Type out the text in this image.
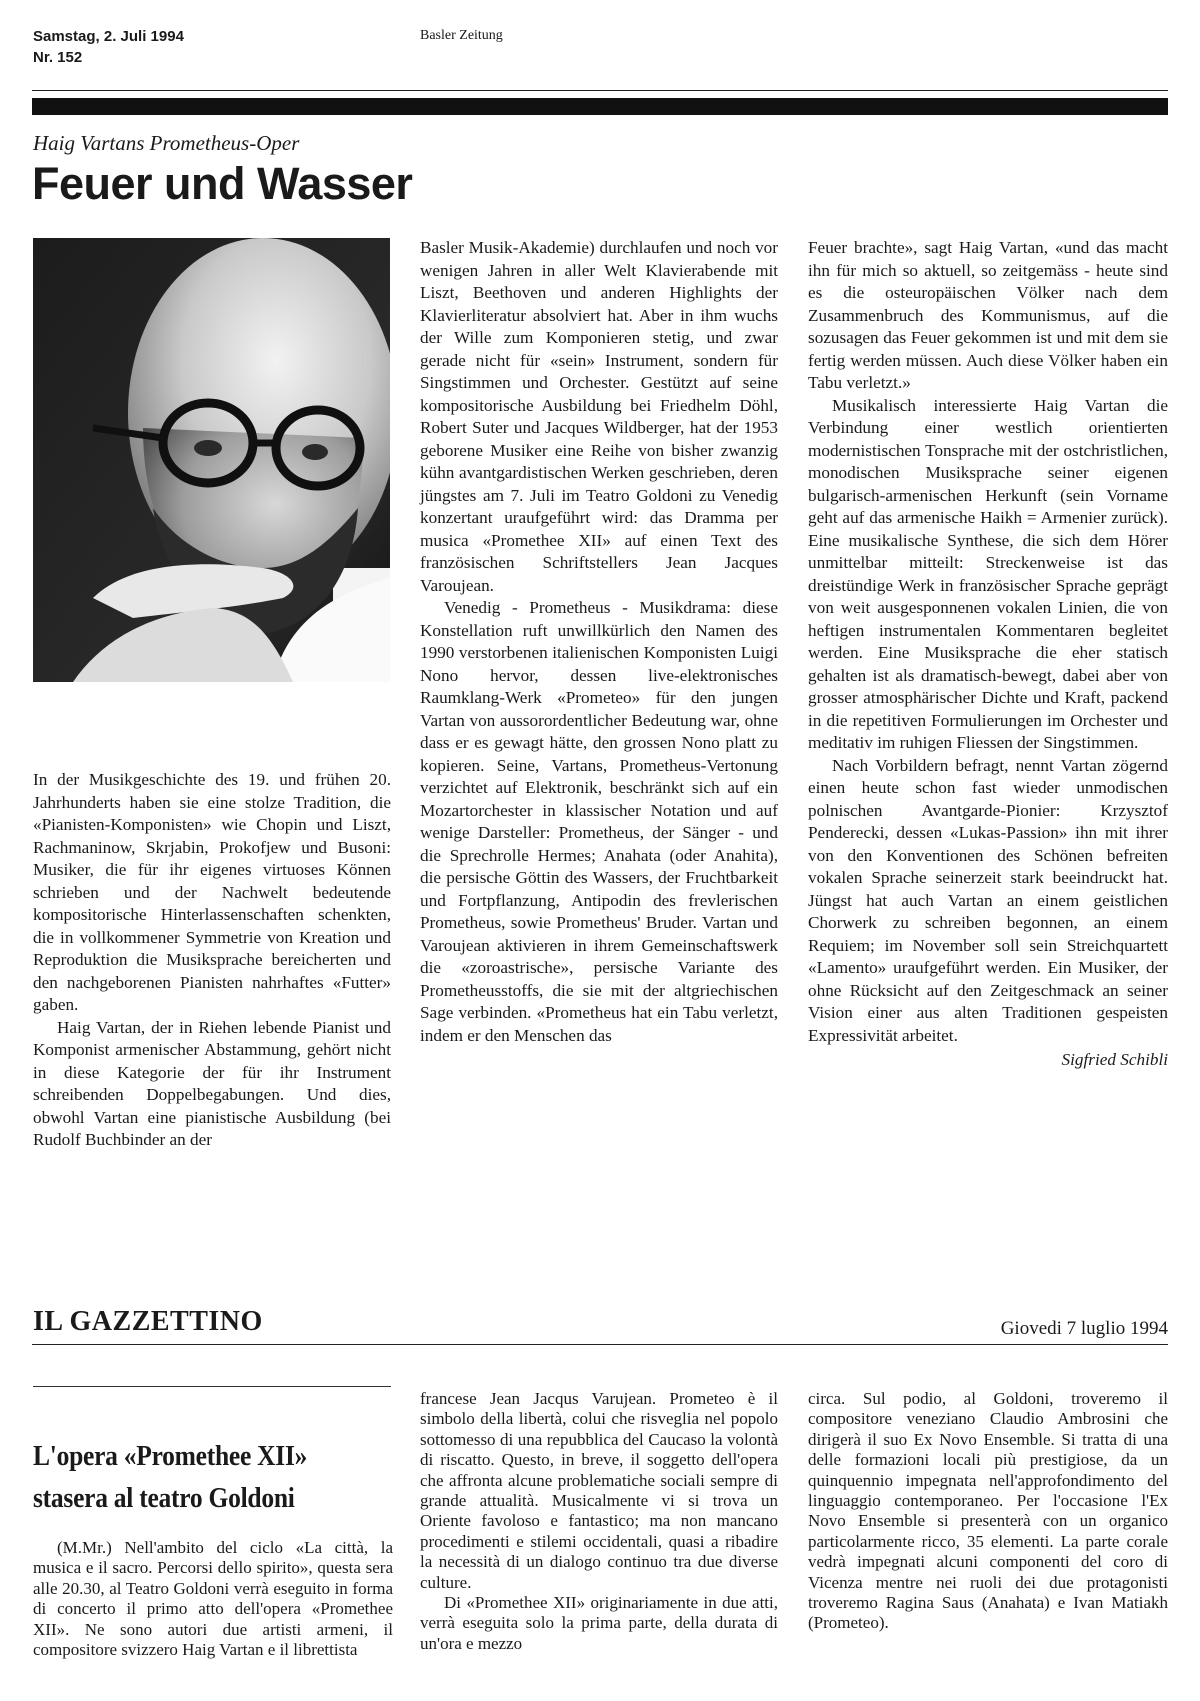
Samstag, 2. Juli 1994
Nr. 152
Basler Zeitung
Haig Vartans Prometheus-Oper
Feuer und Wasser

In der Musikgeschichte des 19. und frühen 20. Jahrhunderts haben sie eine stolze Tradition, die «Pianisten-Komponisten» wie Chopin und Liszt, Rachmaninow, Skrjabin, Prokofjew und Busoni: Musiker, die für ihr eigenes virtuoses Können schrieben und der Nachwelt bedeutende kompositorische Hinterlassenschaften schenkten, die in vollkommener Symmetrie von Kreation und Reproduktion die Musiksprache bereicherten und den nachgeborenen Pianisten nahrhaftes «Futter» gaben.

Haig Vartan, der in Riehen lebende Pianist und Komponist armenischer Abstammung, gehört nicht in diese Kategorie der für ihr Instrument schreibenden Doppelbegabungen. Und dies, obwohl Vartan eine pianistische Ausbildung (bei Rudolf Buchbinder an der

Basler Musik-Akademie) durchlaufen und noch vor wenigen Jahren in aller Welt Klavierabende mit Liszt, Beethoven und anderen Highlights der Klavierliteratur absolviert hat. Aber in ihm wuchs der Wille zum Komponieren stetig, und zwar gerade nicht für «sein» Instrument, sondern für Singstimmen und Orchester. Gestützt auf seine kompositorische Ausbildung bei Friedhelm Döhl, Robert Suter und Jacques Wildberger, hat der 1953 geborene Musiker eine Reihe von bisher zwanzig kühn avantgardistischen Werken geschrieben, deren jüngstes am 7. Juli im Teatro Goldoni zu Venedig konzertant uraufgeführt wird: das Dramma per musica «Promethee XII» auf einen Text des französischen Schriftstellers Jean Jacques Varoujean.

Venedig - Prometheus - Musikdrama: diese Konstellation ruft unwillkürlich den Namen des 1990 verstorbenen italienischen Komponisten Luigi Nono hervor, dessen live-elektronisches Raumklang-Werk «Prometeo» für den jungen Vartan von aussorordentlicher Bedeutung war, ohne dass er es gewagt hätte, den grossen Nono platt zu kopieren. Seine, Vartans, Prometheus-Vertonung verzichtet auf Elektronik, beschränkt sich auf ein Mozartorchester in klassischer Notation und auf wenige Darsteller: Prometheus, der Sänger - und die Sprechrolle Hermes; Anahata (oder Anahita), die persische Göttin des Wassers, der Fruchtbarkeit und Fortpflanzung, Antipodin des frevlerischen Prometheus, sowie Prometheus' Bruder. Vartan und Varoujean aktivieren in ihrem Gemeinschaftswerk die «zoroastrische», persische Variante des Prometheusstoffs, die sie mit der altgriechischen Sage verbinden. «Prometheus hat ein Tabu verletzt, indem er den Menschen das

Feuer brachte», sagt Haig Vartan, «und das macht ihn für mich so aktuell, so zeitgemäss - heute sind es die osteuropäischen Völker nach dem Zusammenbruch des Kommunismus, auf die sozusagen das Feuer gekommen ist und mit dem sie fertig werden müssen. Auch diese Völker haben ein Tabu verletzt.»

Musikalisch interessierte Haig Vartan die Verbindung einer westlich orientierten modernistischen Tonsprache mit der ostchristlichen, monodischen Musiksprache seiner eigenen bulgarisch-armenischen Herkunft (sein Vorname geht auf das armenische Haikh = Armenier zurück). Eine musikalische Synthese, die sich dem Hörer unmittelbar mitteilt: Streckenweise ist das dreistündige Werk in französischer Sprache geprägt von weit ausgesponnenen vokalen Linien, die von heftigen instrumentalen Kommentaren begleitet werden. Eine Musiksprache die eher statisch gehalten ist als dramatisch-bewegt, dabei aber von grosser atmosphärischer Dichte und Kraft, packend in die repetitiven Formulierungen im Orchester und meditativ im ruhigen Fliessen der Singstimmen.

Nach Vorbildern befragt, nennt Vartan zögernd einen heute schon fast wieder unmodischen polnischen Avantgarde-Pionier: Krzysztof Penderecki, dessen «Lukas-Passion» ihn mit ihrer von den Konventionen des Schönen befreiten vokalen Sprache seinerzeit stark beeindruckt hat. Jüngst hat auch Vartan an einem geistlichen Chorwerk zu schreiben begonnen, an einem Requiem; im November soll sein Streichquartett «Lamento» uraufgeführt werden. Ein Musiker, der ohne Rücksicht auf den Zeitgeschmack an seiner Vision einer aus alten Traditionen gespeisten Expressivität arbeitet.

Sigfried Schibli
IL GAZZETTINO	Giovedi 7 luglio 1994
L'opera «Promethee XII»
stasera al teatro Goldoni

(M.Mr.) Nell'ambito del ciclo «La città, la musica e il sacro. Percorsi dello spirito», questa sera alle 20.30, al Teatro Goldoni verrà eseguito in forma di concerto il primo atto dell'opera «Promethee XII». Ne sono autori due artisti armeni, il compositore svizzero Haig Vartan e il librettista

francese Jean Jacqus Varujean. Prometeo è il simbolo della libertà, colui che risveglia nel popolo sottomesso di una repubblica del Caucaso la volontà di riscatto. Questo, in breve, il soggetto dell'opera che affronta alcune problematiche sociali sempre di grande attualità. Musicalmente vi si trova un Oriente favoloso e fantastico; ma non mancano procedimenti e stilemi occidentali, quasi a ribadire la necessità di un dialogo continuo tra due diverse culture.

Di «Promethee XII» originariamente in due atti, verrà eseguita solo la prima parte, della durata di un'ora e mezzo

circa. Sul podio, al Goldoni, troveremo il compositore veneziano Claudio Ambrosini che dirigerà il suo Ex Novo Ensemble. Si tratta di una delle formazioni locali più prestigiose, da un quinquennio impegnata nell'approfondimento del linguaggio contemporaneo. Per l'occasione l'Ex Novo Ensemble si presenterà con un organico particolarmente ricco, 35 elementi. La parte corale vedrà impegnati alcuni componenti del coro di Vicenza mentre nei ruoli dei due protagonisti troveremo Ragina Saus (Anahata) e Ivan Matiakh (Prometeo).
